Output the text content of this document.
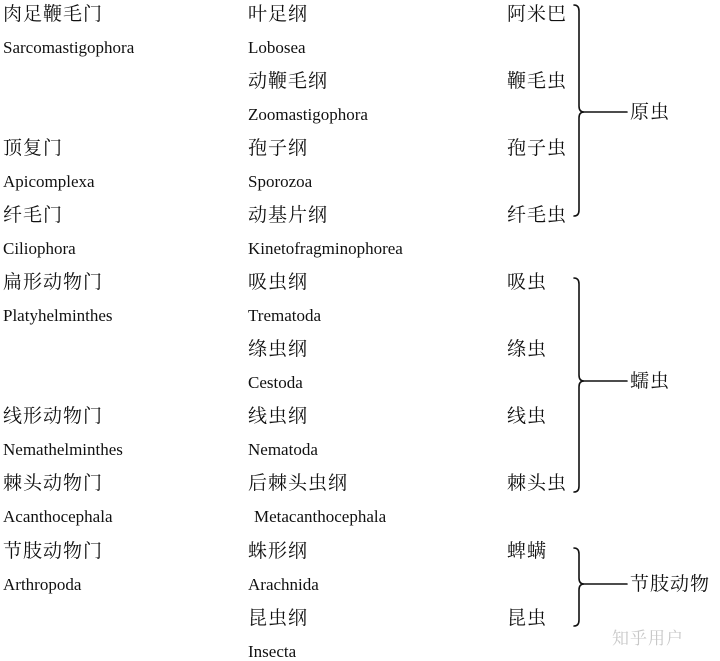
肉足鞭毛门
Sarcomastigophora
顶复门
Apicomplexa
纤毛门
Ciliophora
扁形动物门
Platyhelminthes
线形动物门
Nemathelminthes
棘头动物门
Acanthocephala
节肢动物门
Arthropoda
叶足纲
Lobosea
动鞭毛纲
Zoomastigophora
孢子纲
Sporozoa
动基片纲
Kinetofragminophorea
吸虫纲
Trematoda
绦虫纲
Cestoda
线虫纲
Nematoda
后棘头虫纲
Metacanthocephala
蛛形纲
Arachnida
昆虫纲
Insecta
阿米巴
鞭毛虫
孢子虫
纤毛虫
吸虫
绦虫
线虫
棘头虫
蜱螨
昆虫
原虫
蠕虫
节肢动物
知乎用户
